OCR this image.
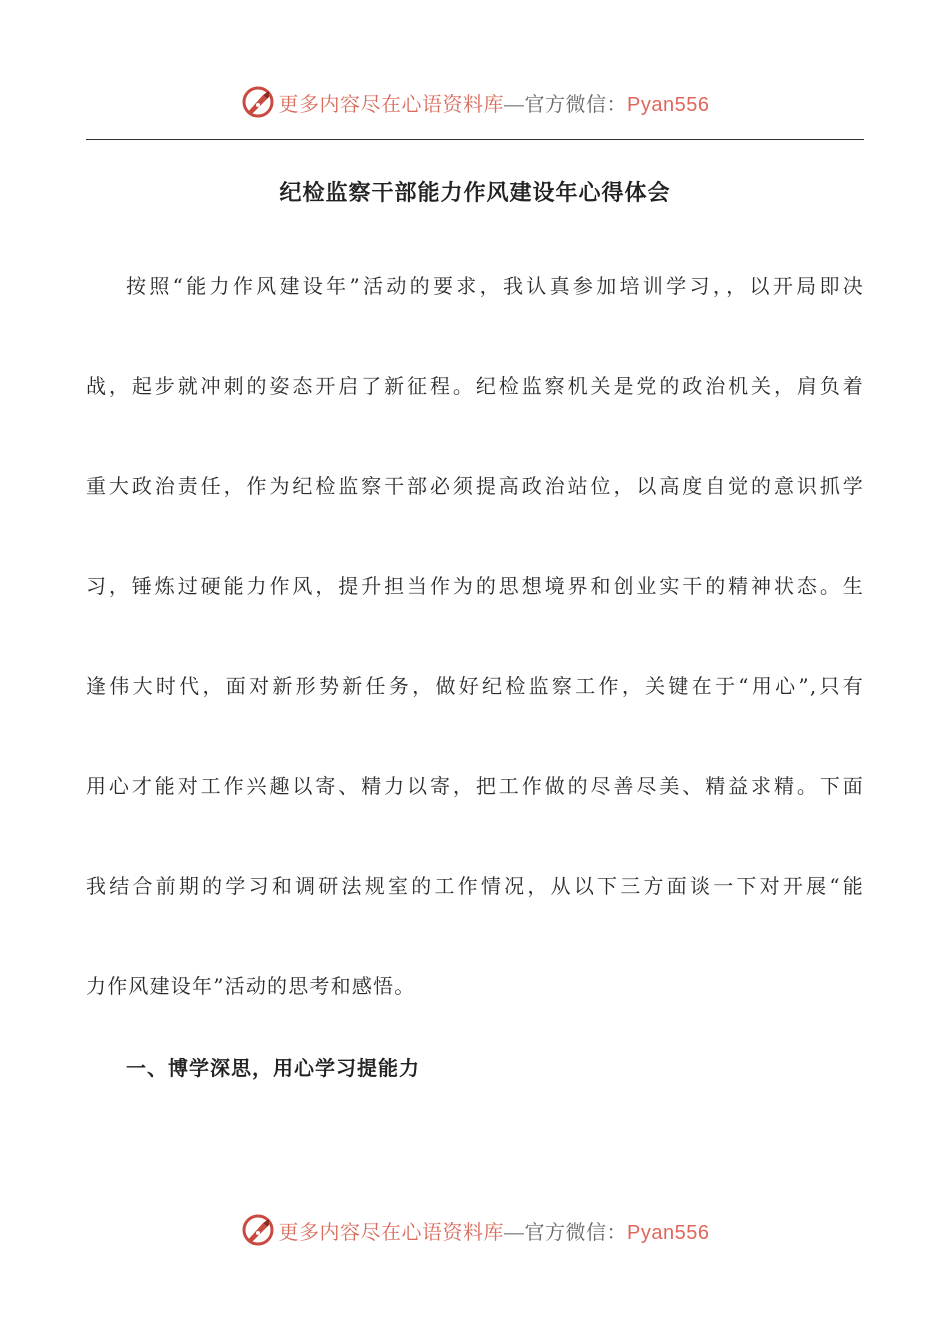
更多内容尽在心语资料库—官方微信：Pyan556
纪检监察干部能力作风建设年心得体会
按照“能力作风建设年”活动的要求，我认真参加培训学习，，以开局即决
战，起步就冲刺的姿态开启了新征程。纪检监察机关是党的政治机关，肩负着
重大政治责任，作为纪检监察干部必须提高政治站位，以高度自觉的意识抓学
习，锤炼过硬能力作风，提升担当作为的思想境界和创业实干的精神状态。生
逢伟大时代，面对新形势新任务，做好纪检监察工作，关键在于“用心”,只有
用心才能对工作兴趣以寄、精力以寄，把工作做的尽善尽美、精益求精。下面
我结合前期的学习和调研法规室的工作情况，从以下三方面谈一下对开展“能
力作风建设年”活动的思考和感悟。
一、博学深思，用心学习提能力
更多内容尽在心语资料库—官方微信：Pyan556
